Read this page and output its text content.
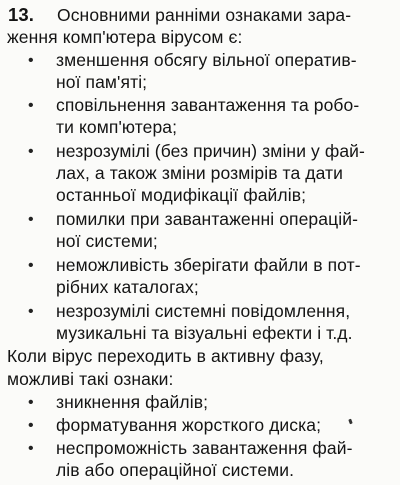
13. Основними ранніми ознаками зара-
ження комп'ютера вірусом є:
• зменшення обсягу вільної оператив-
ної пам'яті;
• сповільнення завантаження та робо-
ти комп'ютера;
• незрозумілі (без причин) зміни у фай-
лах, а також зміни розмірів та дати
останньої модифікації файлів;
• помилки при завантаженні операцій-
ної системи;
• неможливість зберігати файли в пот-
рібних каталогах;
• незрозумілі системні повідомлення,
музикальні та візуальні ефекти і т.д.
Коли вірус переходить в активну фазу,
можливі такі ознаки:
• зникнення файлів;
• форматування жорсткого диска;
• неспроможність завантаження фай-
лів або операційної системи.
